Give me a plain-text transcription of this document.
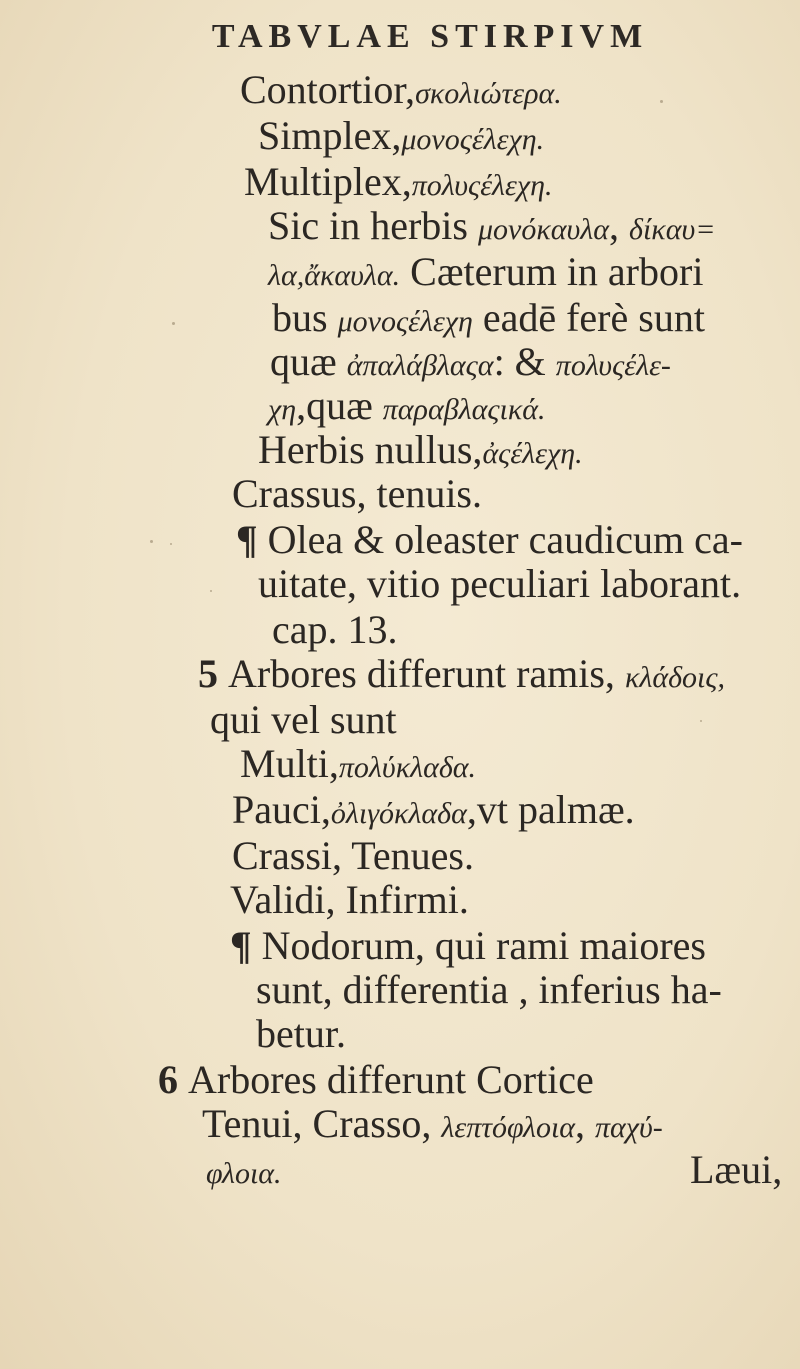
TABVLAE STIRPIVM
Contortior,σκολιώτερα.
Simplex,μονοςέλεχη.
Multiplex,πολυςέλεχη.
Sic in herbis μονόκαυλα, δίκαυ=
λα,ἄκαυλα. Cæterum in arbori
bus μονοςέλεχη eadē ferè sunt
quæ ἀπαλάβλαςα: & πολυςέλε-
χη,quæ παραβλαςικά.
Herbis nullus,ἀςέλεχη.
Crassus, tenuis.
¶ Olea & oleaster caudicum ca-
uitate, vitio peculiari laborant.
cap. 13.
5 Arbores differunt ramis, κλάδοις,
qui vel sunt
Multi,πολύκλαδα.
Pauci,ὀλιγόκλαδα,vt palmæ.
Crassi, Tenues.
Validi, Infirmi.
¶ Nodorum, qui rami maiores
sunt, differentia , inferius ha-
betur.
6 Arbores differunt Cortice
Tenui, Crasso, λεπτόφλοια, παχύ-
φλοια.	Læui,
